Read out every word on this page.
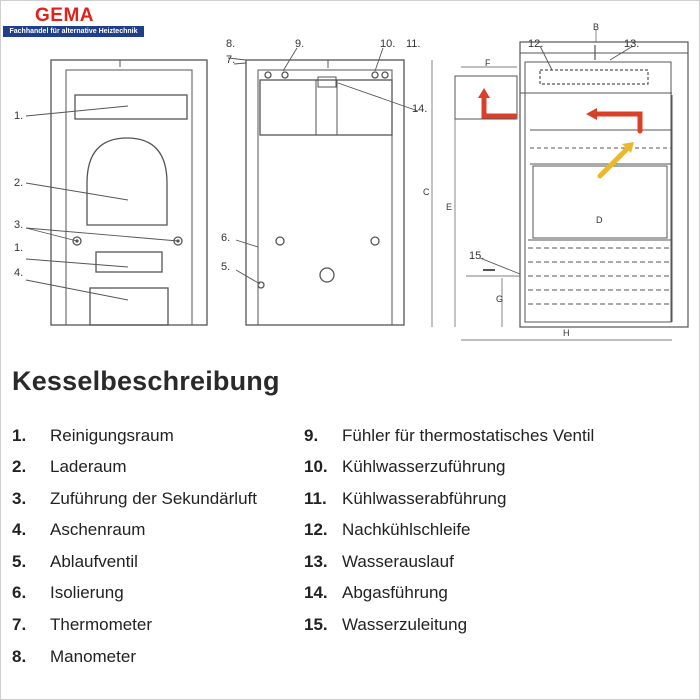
GEMA
Fachhandel für alternative Heiztechnik
1.
2.
3.
1.
4.
8.
7.
9.	10. 11.
14.
6.
5.
12.	13.
B
F
C
E
D
15.
G
H
Kesselbeschreibung
1. Reinigungsraum
2. Laderaum
3. Zuführung der Sekundärluft
4. Aschenraum
5. Ablaufventil
6. Isolierung
7. Thermometer
8. Manometer
9. Fühler für thermostatisches Ventil
10. Kühlwasserzuführung
11. Kühlwasserabführung
12. Nachkühlschleife
13. Wasserauslauf
14. Abgasführung
15. Wasserzuleitung
